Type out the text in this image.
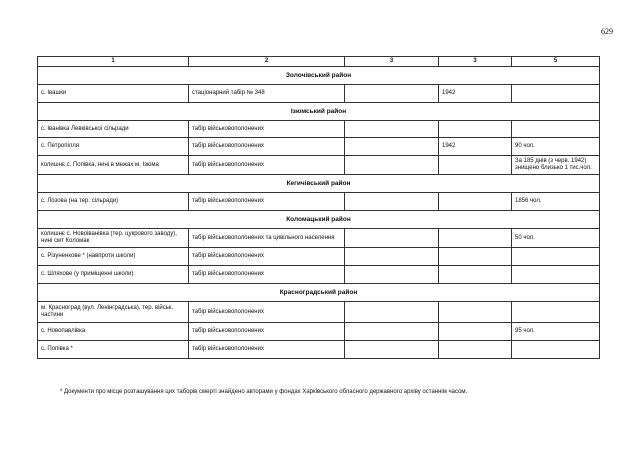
629
1	2	3	3	5
Золочівський район				
с. Івашки	стаціонарний табір № 348		1942	
Ізюмський район				
с. Іванівка Левківської сільради	табір військовополонених			
с. Петропілля	табір військовополонених		1942	90 чол.
колишнє с. Попівка, нині в межах м. Ізюма	табір військовополонених			За 185 днів (з черв. 1942) знищено близько 1 тис.чол.
Кегичівський район				
с. Лозова (на тер. сільради)	табір військовополонених			1856 чол.
Коломацький район				
колишнє с. Новоіванівка (тер. цукрового заводу), нині смт Коломак	табір військовополонених та цивільного населення			50 чол.
с. Різуненкове * (навпроти школи)	табір військовополонених			
с. Шляхове (у приміщенні школи)	табір військовополонених			
Красноградський район				
м. Красноград (вул. Ленінградська), тер. військ. частини	табір військовополонених			
с. Новопавлівка	табір військовополонених			95 чол.
с. Попівка *	табір військовополонених			
* Документи про місце розташування цих таборів смерті знайдено авторами у фондах Харківського обласного державного архіву останнім часом.
